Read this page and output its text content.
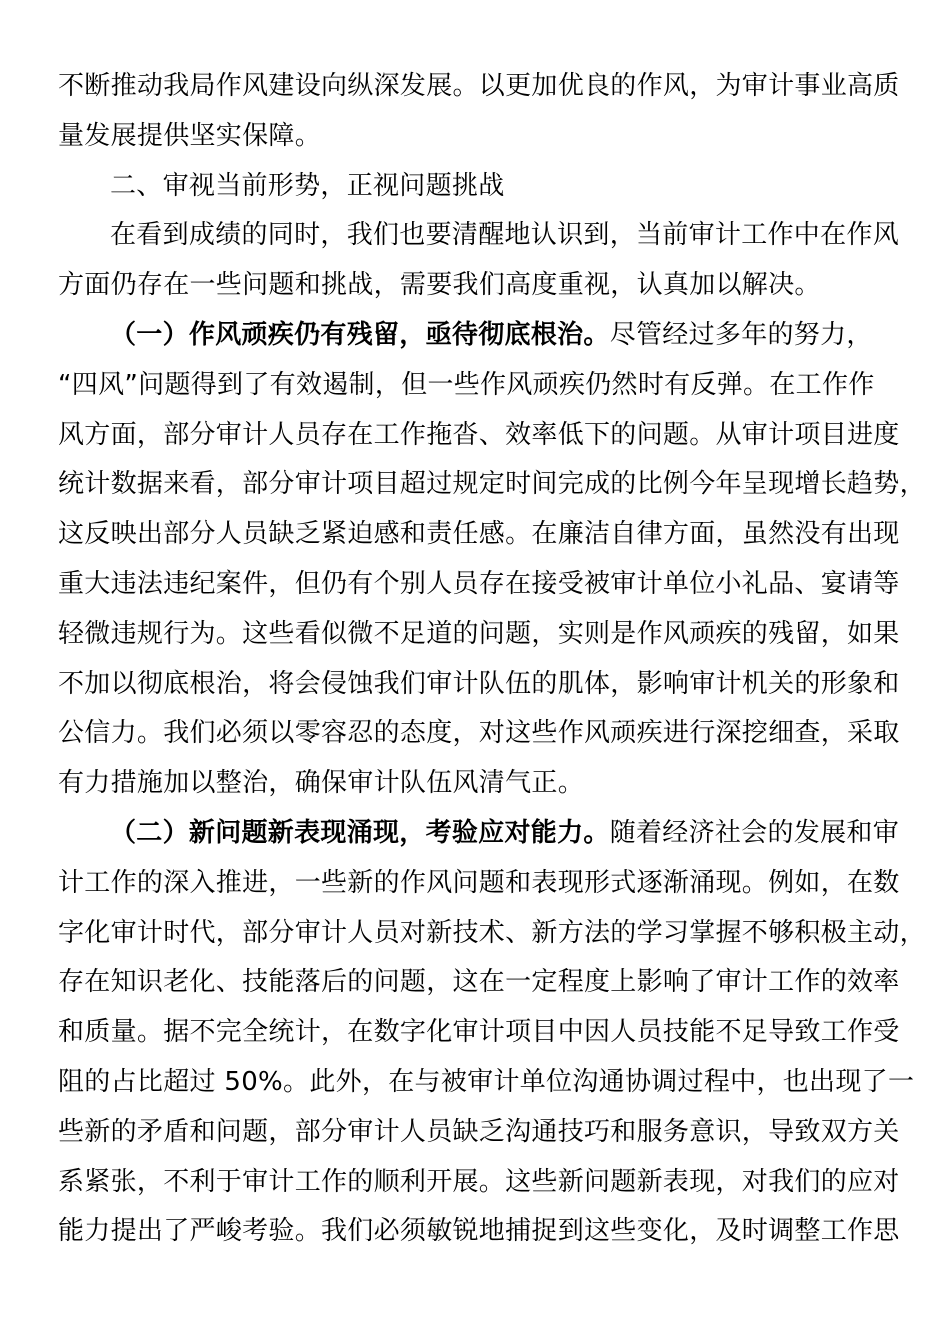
不断推动我局作风建设向纵深发展。以更加优良的作风，为审计事业高质
量发展提供坚实保障。
二、审视当前形势，正视问题挑战
在看到成绩的同时，我们也要清醒地认识到，当前审计工作中在作风
方面仍存在一些问题和挑战，需要我们高度重视，认真加以解决。
（一）作风顽疾仍有残留，亟待彻底根治。尽管经过多年的努力，
“四风”问题得到了有效遏制，但一些作风顽疾仍然时有反弹。在工作作
风方面，部分审计人员存在工作拖沓、效率低下的问题。从审计项目进度
统计数据来看，部分审计项目超过规定时间完成的比例今年呈现增长趋势，
这反映出部分人员缺乏紧迫感和责任感。在廉洁自律方面，虽然没有出现
重大违法违纪案件，但仍有个别人员存在接受被审计单位小礼品、宴请等
轻微违规行为。这些看似微不足道的问题，实则是作风顽疾的残留，如果
不加以彻底根治，将会侵蚀我们审计队伍的肌体，影响审计机关的形象和
公信力。我们必须以零容忍的态度，对这些作风顽疾进行深挖细查，采取
有力措施加以整治，确保审计队伍风清气正。
（二）新问题新表现涌现，考验应对能力。随着经济社会的发展和审
计工作的深入推进，一些新的作风问题和表现形式逐渐涌现。例如，在数
字化审计时代，部分审计人员对新技术、新方法的学习掌握不够积极主动，
存在知识老化、技能落后的问题，这在一定程度上影响了审计工作的效率
和质量。据不完全统计，在数字化审计项目中因人员技能不足导致工作受
阻的占比超过 50%。此外，在与被审计单位沟通协调过程中，也出现了一
些新的矛盾和问题，部分审计人员缺乏沟通技巧和服务意识，导致双方关
系紧张，不利于审计工作的顺利开展。这些新问题新表现，对我们的应对
能力提出了严峻考验。我们必须敏锐地捕捉到这些变化，及时调整工作思
